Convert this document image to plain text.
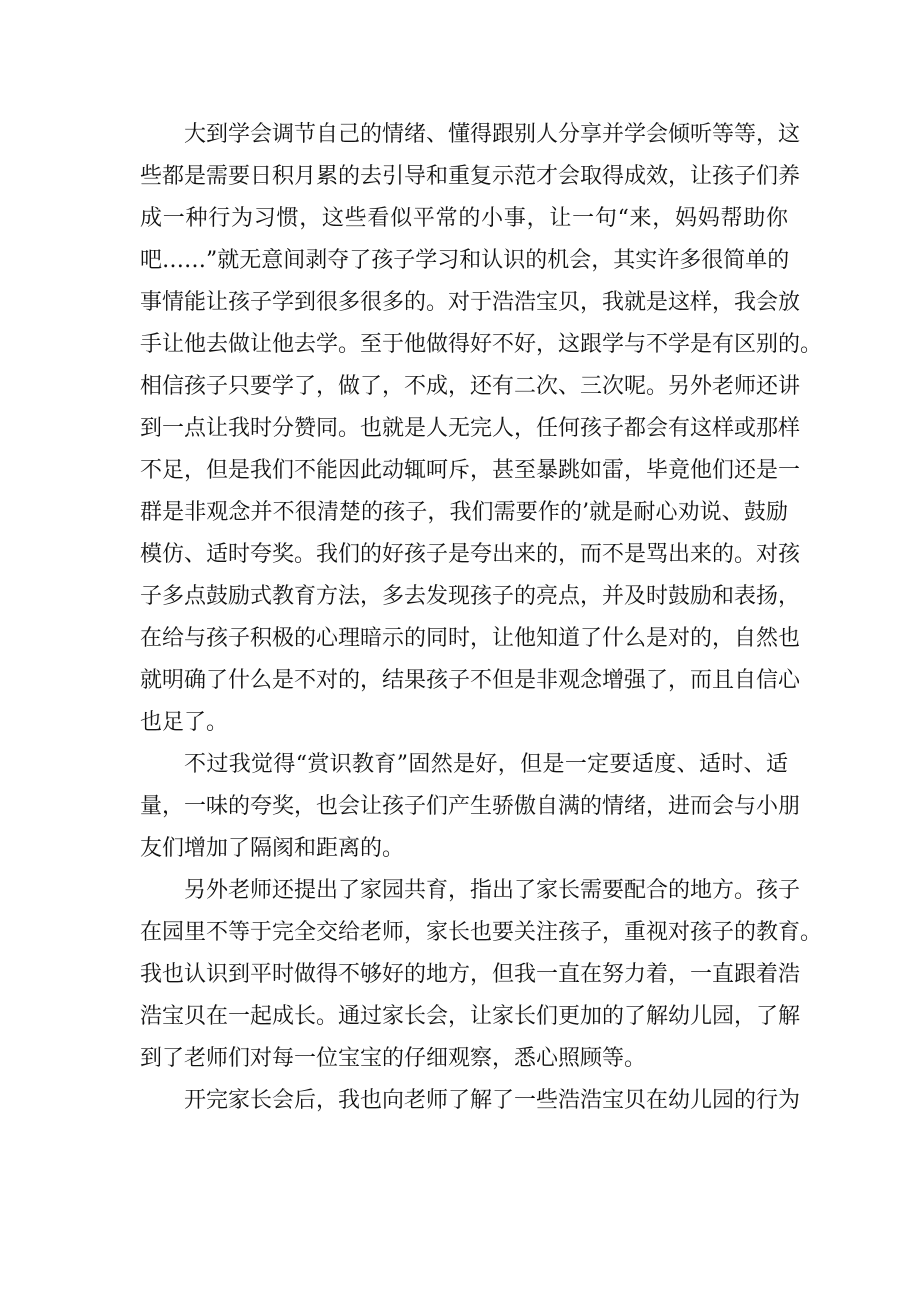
大到学会调节自己的情绪、懂得跟别人分享并学会倾听等等，这
些都是需要日积月累的去引导和重复示范才会取得成效，让孩子们养
成一种行为习惯，这些看似平常的小事，让一句“来，妈妈帮助你
吧……”就无意间剥夺了孩子学习和认识的机会，其实许多很简单的
事情能让孩子学到很多很多的。对于浩浩宝贝，我就是这样，我会放
手让他去做让他去学。至于他做得好不好，这跟学与不学是有区别的。
相信孩子只要学了，做了，不成，还有二次、三次呢。另外老师还讲
到一点让我时分赞同。也就是人无完人，任何孩子都会有这样或那样
不足，但是我们不能因此动辄呵斥，甚至暴跳如雷，毕竟他们还是一
群是非观念并不很清楚的孩子，我们需要作的’就是耐心劝说、鼓励
模仿、适时夸奖。我们的好孩子是夸出来的，而不是骂出来的。对孩
子多点鼓励式教育方法，多去发现孩子的亮点，并及时鼓励和表扬，
在给与孩子积极的心理暗示的同时，让他知道了什么是对的，自然也
就明确了什么是不对的，结果孩子不但是非观念增强了，而且自信心
也足了。
不过我觉得“赏识教育”固然是好，但是一定要适度、适时、适
量，一味的夸奖，也会让孩子们产生骄傲自满的情绪，进而会与小朋
友们增加了隔阂和距离的。
另外老师还提出了家园共育，指出了家长需要配合的地方。孩子
在园里不等于完全交给老师，家长也要关注孩子，重视对孩子的教育。
我也认识到平时做得不够好的地方，但我一直在努力着，一直跟着浩
浩宝贝在一起成长。通过家长会，让家长们更加的了解幼儿园，了解
到了老师们对每一位宝宝的仔细观察，悉心照顾等。
开完家长会后，我也向老师了解了一些浩浩宝贝在幼儿园的行为
